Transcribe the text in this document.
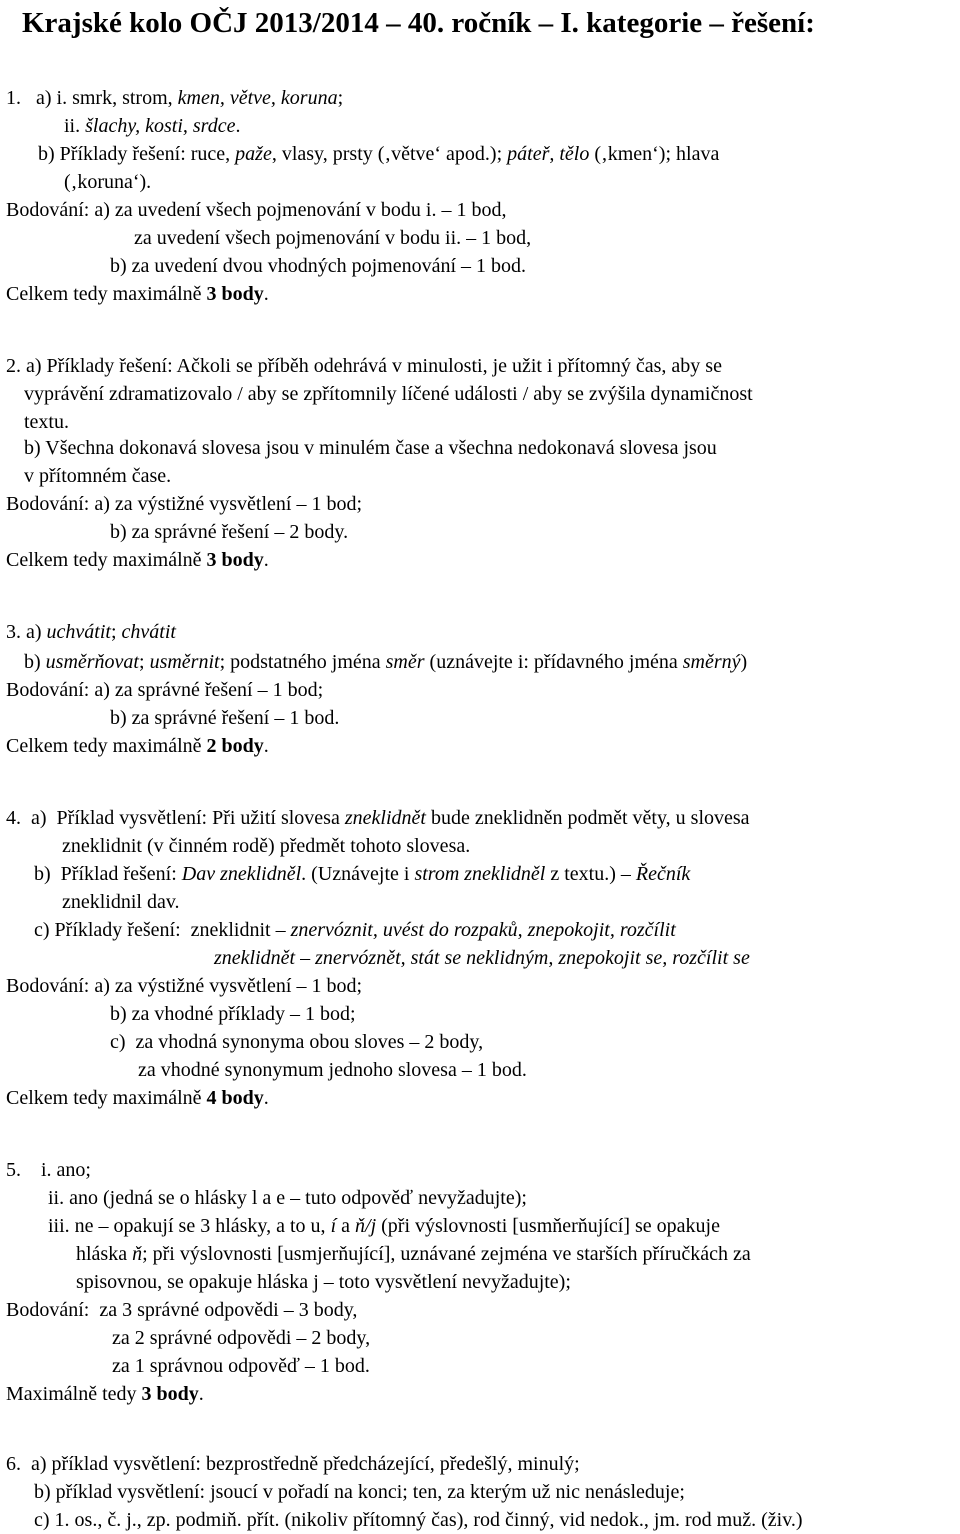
Krajské kolo OČJ 2013/2014 – 40. ročník – I. kategorie – řešení:
1.   a) i. smrk, strom, kmen, větve, koruna;
ii. šlachy, kosti, srdce.
b) Příklady řešení: ruce, paže, vlasy, prsty (‚větve‘ apod.); páteř, tělo (‚kmen‘); hlava
(‚koruna‘).
Bodování: a) za uvedení všech pojmenování v bodu i. – 1 bod,
za uvedení všech pojmenování v bodu ii. – 1 bod,
b) za uvedení dvou vhodných pojmenování – 1 bod.
Celkem tedy maximálně 3 body.
2. a) Příklady řešení: Ačkoli se příběh odehrává v minulosti, je užit i přítomný čas, aby se
vyprávění zdramatizovalo / aby se zpřítomnily líčené události / aby se zvýšila dynamičnost
textu.
b) Všechna dokonavá slovesa jsou v minulém čase a všechna nedokonavá slovesa jsou
v přítomném čase.
Bodování: a) za výstižné vysvětlení – 1 bod;
b) za správné řešení – 2 body.
Celkem tedy maximálně 3 body.
3. a) uchvátit; chvátit
b) usměrňovat; usměrnit; podstatného jména směr (uznávejte i: přídavného jména směrný)
Bodování: a) za správné řešení – 1 bod;
b) za správné řešení – 1 bod.
Celkem tedy maximálně 2 body.
4.  a)  Příklad vysvětlení: Při užití slovesa zneklidnět bude zneklidněn podmět věty, u slovesa
zneklidnit (v činném rodě) předmět tohoto slovesa.
b)  Příklad řešení: Dav zneklidněl. (Uznávejte i strom zneklidněl z textu.) – Řečník
zneklidnil dav.
c) Příklady řešení:  zneklidnit – znervóznit, uvést do rozpaků, znepokojit, rozčílit
zneklidnět – znervóznět, stát se neklidným, znepokojit se, rozčílit se
Bodování: a) za výstižné vysvětlení – 1 bod;
b) za vhodné příklady – 1 bod;
c)  za vhodná synonyma obou sloves – 2 body,
za vhodné synonymum jednoho slovesa – 1 bod.
Celkem tedy maximálně 4 body.
5.    i. ano;
ii. ano (jedná se o hlásky l a e – tuto odpověď nevyžadujte);
iii. ne – opakují se 3 hlásky, a to u, í a ň/j (při výslovnosti [usmňerňující] se opakuje
hláska ň; při výslovnosti [usmjerňující], uznávané zejména ve starších příručkách za
spisovnou, se opakuje hláska j – toto vysvětlení nevyžadujte);
Bodování:  za 3 správné odpovědi – 3 body,
za 2 správné odpovědi – 2 body,
za 1 správnou odpověď – 1 bod.
Maximálně tedy 3 body.
6.  a) příklad vysvětlení: bezprostředně předcházející, předešlý, minulý;
b) příklad vysvětlení: jsoucí v pořadí na konci; ten, za kterým už nic nenásleduje;
c) 1. os., č. j., zp. podmiň. přít. (nikoliv přítomný čas), rod činný, vid nedok., jm. rod muž. (živ.)
